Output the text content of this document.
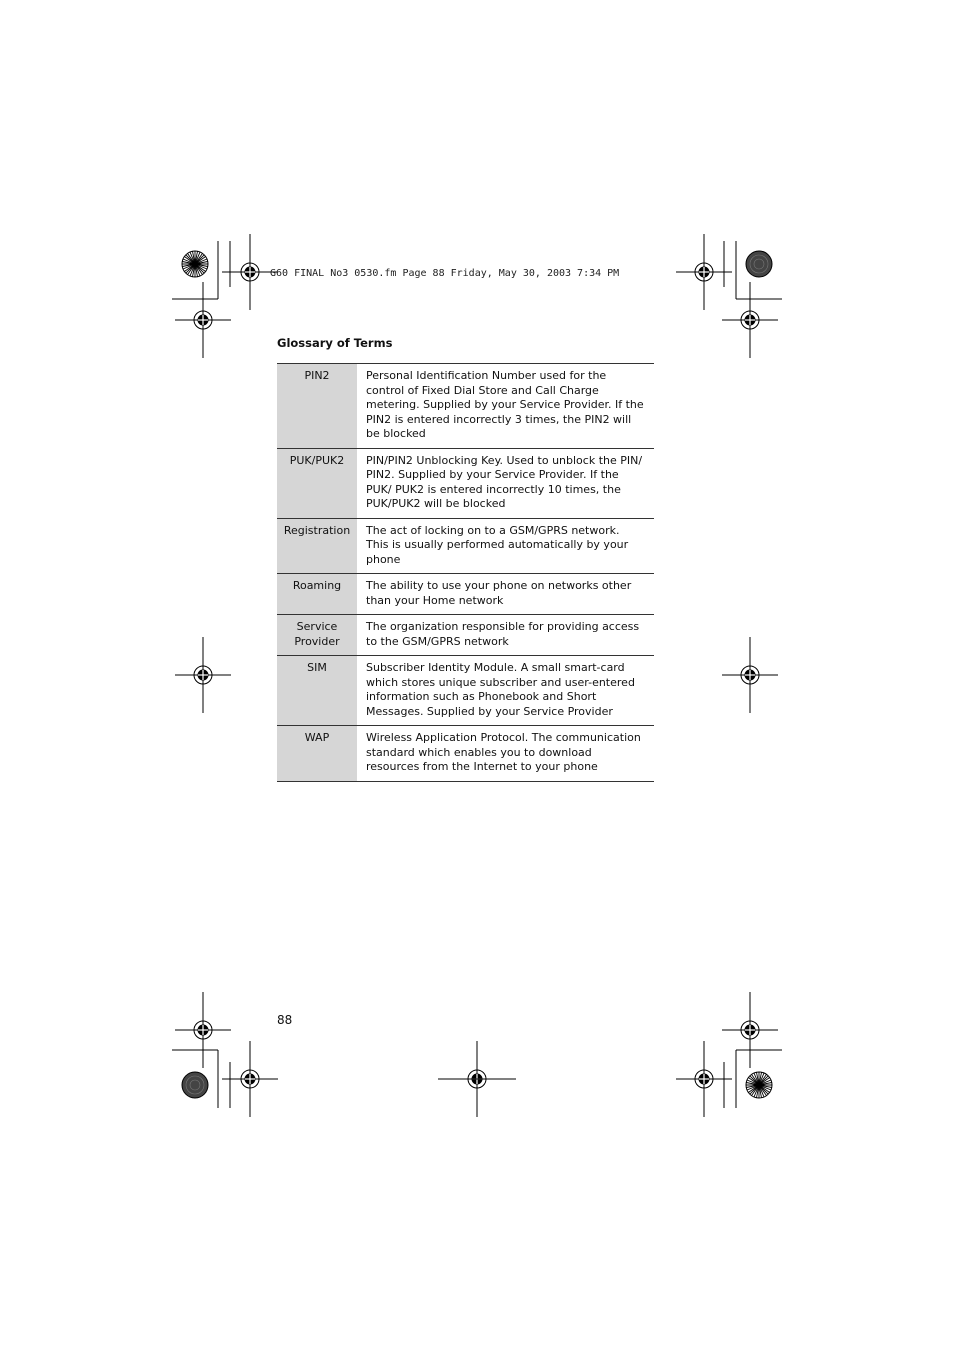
G60 FINAL No3 0530.fm Page 88 Friday, May 30, 2003 7:34 PM
Glossary of Terms
PIN2	Personal Identification Number used for the control of Fixed Dial Store and Call Charge metering. Supplied by your Service Provider. If the PIN2 is entered incorrectly 3 times, the PIN2 will be blocked
PUK/PUK2	PIN/PIN2 Unblocking Key. Used to unblock the PIN/ PIN2. Supplied by your Service Provider. If the PUK/ PUK2 is entered incorrectly 10 times, the PUK/PUK2 will be blocked
Registration	The act of locking on to a GSM/GPRS network. This is usually performed automatically by your phone
Roaming	The ability to use your phone on networks other than your Home network
Service Provider	The organization responsible for providing access to the GSM/GPRS network
SIM	Subscriber Identity Module. A small smart-card which stores unique subscriber and user-entered information such as Phonebook and Short Messages. Supplied by your Service Provider
WAP	Wireless Application Protocol. The communication standard which enables you to download resources from the Internet to your phone
88
